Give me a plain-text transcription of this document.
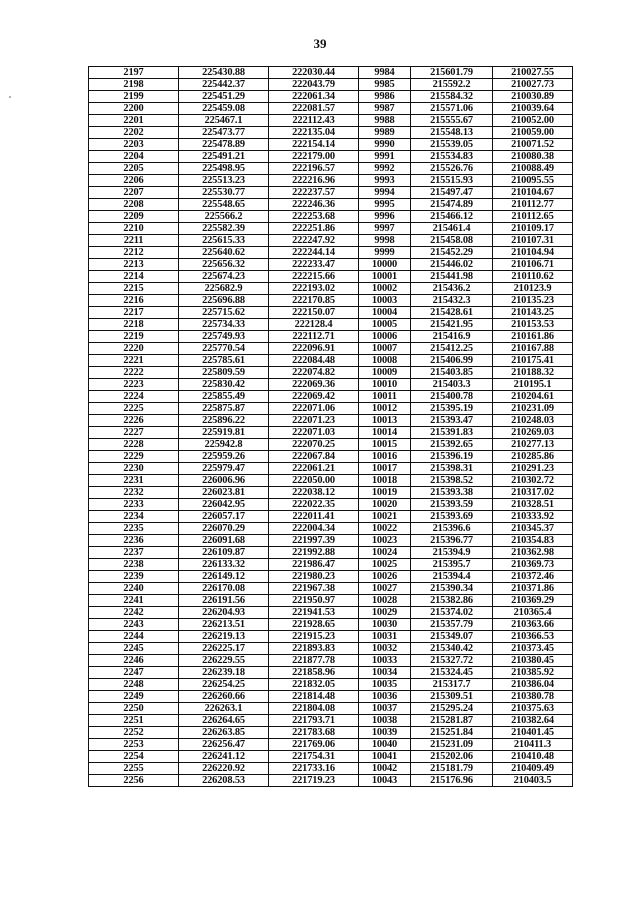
39
2197	225430.88	222030.44	9984	215601.79	210027.55
2198	225442.37	222043.79	9985	215592.2	210027.73
2199	225451.29	222061.34	9986	215584.32	210030.89
2200	225459.08	222081.57	9987	215571.06	210039.64
2201	225467.1	222112.43	9988	215555.67	210052.00
2202	225473.77	222135.04	9989	215548.13	210059.00
2203	225478.89	222154.14	9990	215539.05	210071.52
2204	225491.21	222179.00	9991	215534.83	210080.38
2205	225498.95	222196.57	9992	215526.76	210088.49
2206	225513.23	222216.96	9993	215515.93	210095.55
2207	225530.77	222237.57	9994	215497.47	210104.67
2208	225548.65	222246.36	9995	215474.89	210112.77
2209	225566.2	222253.68	9996	215466.12	210112.65
2210	225582.39	222251.86	9997	215461.4	210109.17
2211	225615.33	222247.92	9998	215458.08	210107.31
2212	225640.62	222244.14	9999	215452.29	210104.94
2213	225656.32	222233.47	10000	215446.02	210106.71
2214	225674.23	222215.66	10001	215441.98	210110.62
2215	225682.9	222193.02	10002	215436.2	210123.9
2216	225696.88	222170.85	10003	215432.3	210135.23
2217	225715.62	222150.07	10004	215428.61	210143.25
2218	225734.33	222128.4	10005	215421.95	210153.53
2219	225749.93	222112.71	10006	215416.9	210161.86
2220	225770.54	222096.91	10007	215412.25	210167.88
2221	225785.61	222084.48	10008	215406.99	210175.41
2222	225809.59	222074.82	10009	215403.85	210188.32
2223	225830.42	222069.36	10010	215403.3	210195.1
2224	225855.49	222069.42	10011	215400.78	210204.61
2225	225875.87	222071.06	10012	215395.19	210231.09
2226	225896.22	222071.23	10013	215393.47	210248.03
2227	225919.81	222071.03	10014	215391.83	210269.03
2228	225942.8	222070.25	10015	215392.65	210277.13
2229	225959.26	222067.84	10016	215396.19	210285.86
2230	225979.47	222061.21	10017	215398.31	210291.23
2231	226006.96	222050.00	10018	215398.52	210302.72
2232	226023.81	222038.12	10019	215393.38	210317.02
2233	226042.95	222022.35	10020	215393.59	210328.51
2234	226057.17	222011.41	10021	215393.69	210333.92
2235	226070.29	222004.34	10022	215396.6	210345.37
2236	226091.68	221997.39	10023	215396.77	210354.83
2237	226109.87	221992.88	10024	215394.9	210362.98
2238	226133.32	221986.47	10025	215395.7	210369.73
2239	226149.12	221980.23	10026	215394.4	210372.46
2240	226170.08	221967.38	10027	215390.34	210371.86
2241	226191.56	221950.97	10028	215382.86	210369.29
2242	226204.93	221941.53	10029	215374.02	210365.4
2243	226213.51	221928.65	10030	215357.79	210363.66
2244	226219.13	221915.23	10031	215349.07	210366.53
2245	226225.17	221893.83	10032	215340.42	210373.45
2246	226229.55	221877.78	10033	215327.72	210380.45
2247	226239.18	221858.96	10034	215324.45	210385.92
2248	226254.25	221832.05	10035	215317.7	210386.04
2249	226260.66	221814.48	10036	215309.51	210380.78
2250	226263.1	221804.08	10037	215295.24	210375.63
2251	226264.65	221793.71	10038	215281.87	210382.64
2252	226263.85	221783.68	10039	215251.84	210401.45
2253	226256.47	221769.06	10040	215231.09	210411.3
2254	226241.12	221754.31	10041	215202.06	210410.48
2255	226220.92	221733.16	10042	215181.79	210409.49
2256	226208.53	221719.23	10043	215176.96	210403.5
